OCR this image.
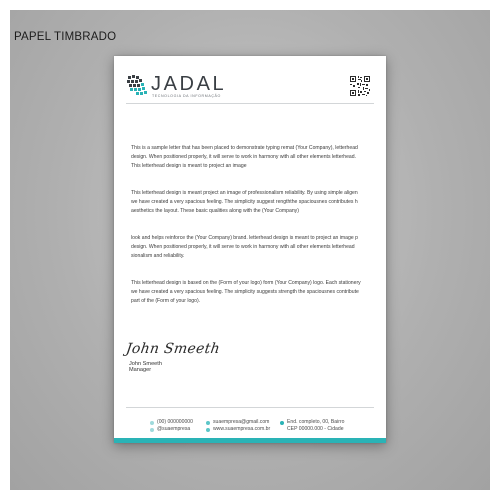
PAPEL TIMBRADO
JADAL
TECNOLOGIA DA INFORMAÇÃO
This is a sample letter that has been placed to demonstrate typing remat (Your Company), letterhead
design. When positioned properly, it will serve to work in harmony with all other elements letterhead.
This letterhead design is meant to project an image
This letterhead design is meant project an image of professionalism reliability. By using simple aligen
we have created a very spacious feeling. The simplicity suggest rengththe spaciousnes contributes h
aesthetics the layout. These basic qualities along with the (Your Company)
look and helps reinforce the (Your Company) brand. letterhead design is meant to project an image p
design. When positioned properly, it will serve to work in harmony with all other elements letterhead
sionalism and reliability.
This letterhead design is based on the (Form of your logo) form (Your Company) logo. Each stationery
we have created a very spacious feeling. The simplicity suggests strength the spaciousnes contribute
part of the (Form of your logo).
John Smeeth
John Smeeth
Manager
(00) 000000000
@suaempresa
suaempresa@gmail.com
www.suaempresa.com.br
End. completo, 00, Bairro
CEP 00000.000 - Cidade
